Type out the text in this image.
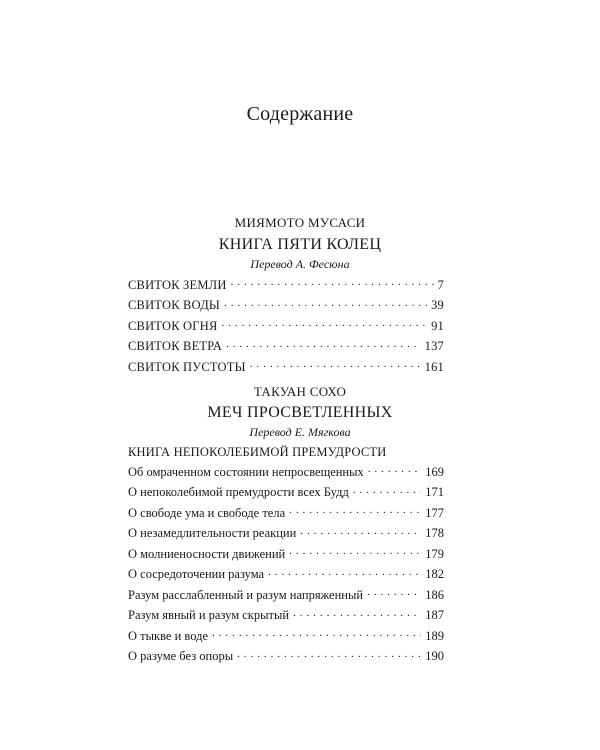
Содержание
МИЯМОТО МУСАСИ
КНИГА ПЯТИ КОЛЕЦ
Перевод А. Фесюна
СВИТОК ЗЕМЛИ . . .	7
СВИТОК ВОДЫ . . .	39
СВИТОК ОГНЯ . . .	91
СВИТОК ВЕТРА . . .	137
СВИТОК ПУСТОТЫ . . .	161
ТАКУАН СОХО
МЕЧ ПРОСВЕТЛЕННЫХ
Перевод Е. Мягкова
КНИГА НЕПОКОЛЕБИМОЙ ПРЕМУДРОСТИ
Об омраченном состоянии непросвещенных . . .	169
О непоколебимой премудрости всех Будд . . .	171
О свободе ума и свободе тела . . .	177
О незамедлительности реакции . . .	178
О молниеносности движений . . .	179
О сосредоточении разума . . .	182
Разум расслабленный и разум напряженный . . .	186
Разум явный и разум скрытый . . .	187
О тыкве и воде . . .	189
О разуме без опоры . . .	190
